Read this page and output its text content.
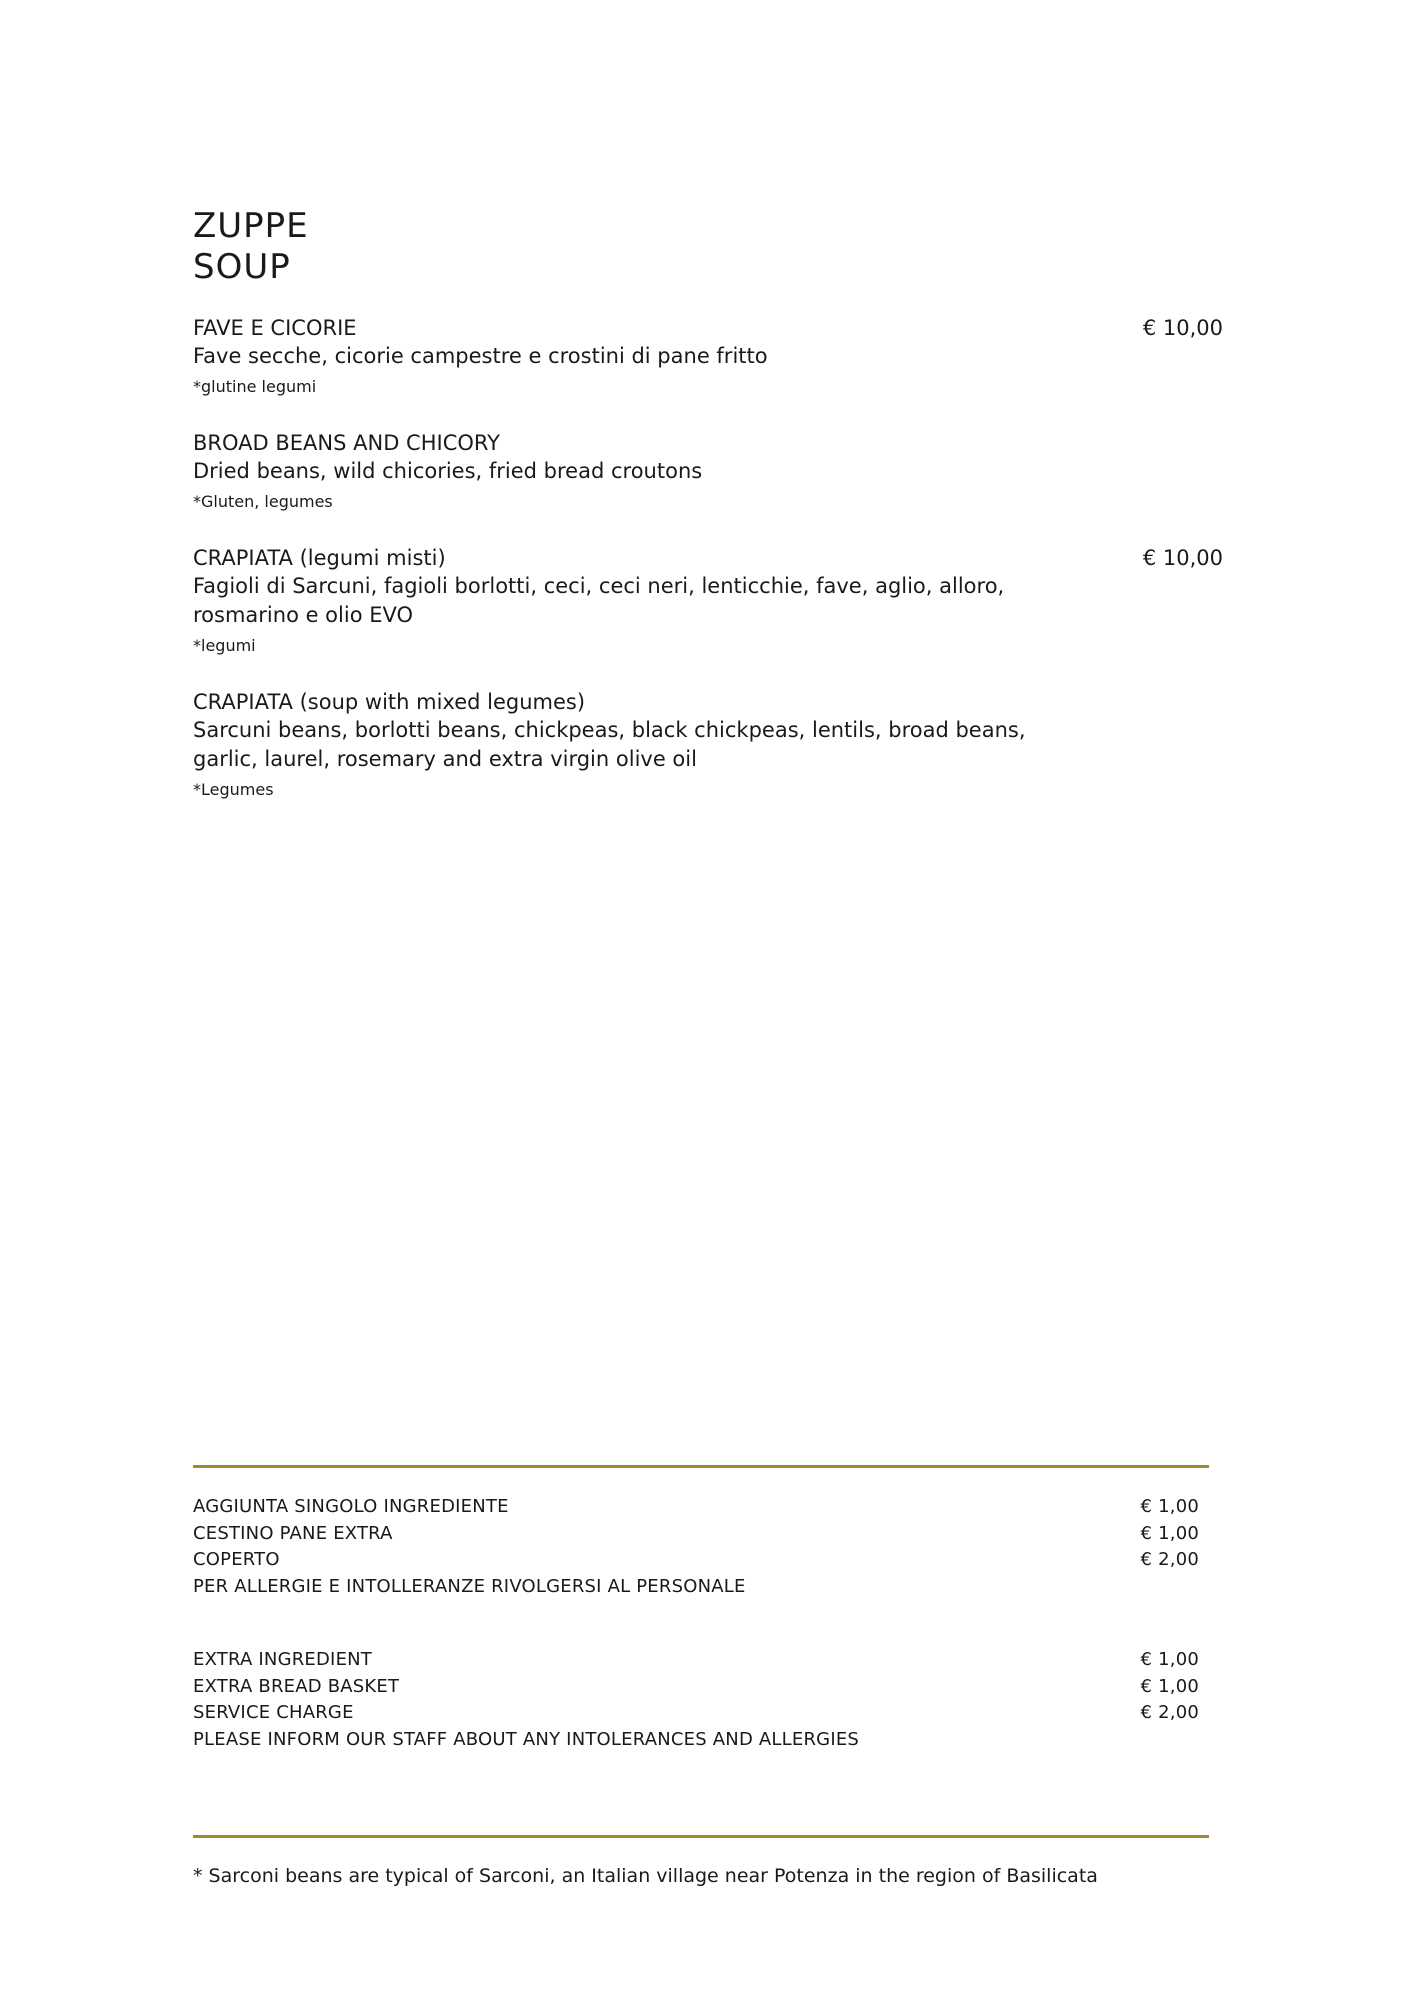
ZUPPE
SOUP
FAVE E CICORIE
Fave secche, cicorie campestre e crostini di pane fritto
*glutine legumi
€ 10,00
BROAD BEANS AND CHICORY
Dried beans, wild chicories, fried bread croutons
*Gluten, legumes
CRAPIATA (legumi misti)
Fagioli di Sarcuni, fagioli borlotti, ceci, ceci neri, lenticchie, fave, aglio, alloro, rosmarino e olio EVO
*legumi
€ 10,00
CRAPIATA (soup with mixed legumes)
Sarcuni beans, borlotti beans, chickpeas, black chickpeas, lentils, broad beans, garlic, laurel, rosemary and extra virgin olive oil
*Legumes
AGGIUNTA SINGOLO INGREDIENTE	€ 1,00
CESTINO PANE EXTRA	€ 1,00
COPERTO	€ 2,00
PER ALLERGIE E INTOLLERANZE RIVOLGERSI AL PERSONALE
EXTRA INGREDIENT	€ 1,00
EXTRA BREAD BASKET	€ 1,00
SERVICE CHARGE	€ 2,00
PLEASE INFORM OUR STAFF ABOUT ANY INTOLERANCES AND ALLERGIES
* Sarconi beans are typical of Sarconi, an Italian village near Potenza in the region of Basilicata
